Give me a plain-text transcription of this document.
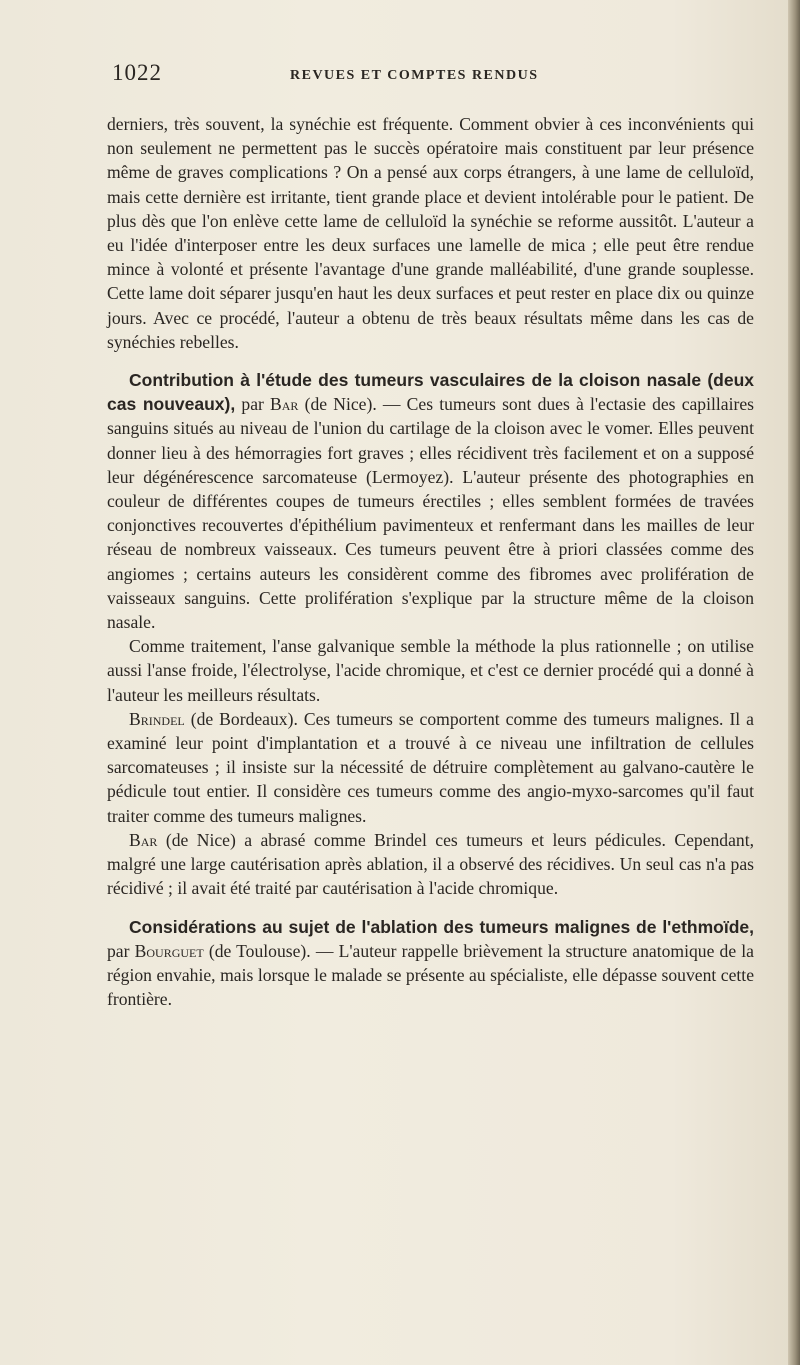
1022	REVUES ET COMPTES RENDUS

derniers, très souvent, la synéchie est fréquente. Comment obvier à ces inconvénients qui non seulement ne permettent pas le succès opératoire mais constituent par leur présence même de graves complications ? On a pensé aux corps étrangers, à une lame de celluloïd, mais cette dernière est irritante, tient grande place et devient intolérable pour le patient. De plus dès que l'on enlève cette lame de celluloïd la synéchie se reforme aussitôt. L'auteur a eu l'idée d'interposer entre les deux surfaces une lamelle de mica ; elle peut être rendue mince à volonté et présente l'avantage d'une grande malléabilité, d'une grande souplesse. Cette lame doit séparer jusqu'en haut les deux surfaces et peut rester en place dix ou quinze jours. Avec ce procédé, l'auteur a obtenu de très beaux résultats même dans les cas de synéchies rebelles.

Contribution à l'étude des tumeurs vasculaires de la cloison nasale (deux cas nouveaux), par Bar (de Nice). — Ces tumeurs sont dues à l'ectasie des capillaires sanguins situés au niveau de l'union du cartilage de la cloison avec le vomer. Elles peuvent donner lieu à des hémorragies fort graves ; elles récidivent très facilement et on a supposé leur dégénérescence sarcomateuse (Lermoyez). L'auteur présente des photographies en couleur de différentes coupes de tumeurs érectiles ; elles semblent formées de travées conjonctives recouvertes d'épithélium pavimenteux et renfermant dans les mailles de leur réseau de nombreux vaisseaux. Ces tumeurs peuvent être à priori classées comme des angiomes ; certains auteurs les considèrent comme des fibromes avec prolifération de vaisseaux sanguins. Cette prolifération s'explique par la structure même de la cloison nasale.

Comme traitement, l'anse galvanique semble la méthode la plus rationnelle ; on utilise aussi l'anse froide, l'électrolyse, l'acide chromique, et c'est ce dernier procédé qui a donné à l'auteur les meilleurs résultats.

Brindel (de Bordeaux). Ces tumeurs se comportent comme des tumeurs malignes. Il a examiné leur point d'implantation et a trouvé à ce niveau une infiltration de cellules sarcomateuses ; il insiste sur la nécessité de détruire complètement au galvano-cautère le pédicule tout entier. Il considère ces tumeurs comme des angio-myxo-sarcomes qu'il faut traiter comme des tumeurs malignes.

Bar (de Nice) a abrasé comme Brindel ces tumeurs et leurs pédicules. Cependant, malgré une large cautérisation après ablation, il a observé des récidives. Un seul cas n'a pas récidivé ; il avait été traité par cautérisation à l'acide chromique.

Considérations au sujet de l'ablation des tumeurs malignes de l'ethmoïde, par Bourguet (de Toulouse). — L'auteur rappelle brièvement la structure anatomique de la région envahie, mais lorsque le malade se présente au spécialiste, elle dépasse souvent cette frontière.
